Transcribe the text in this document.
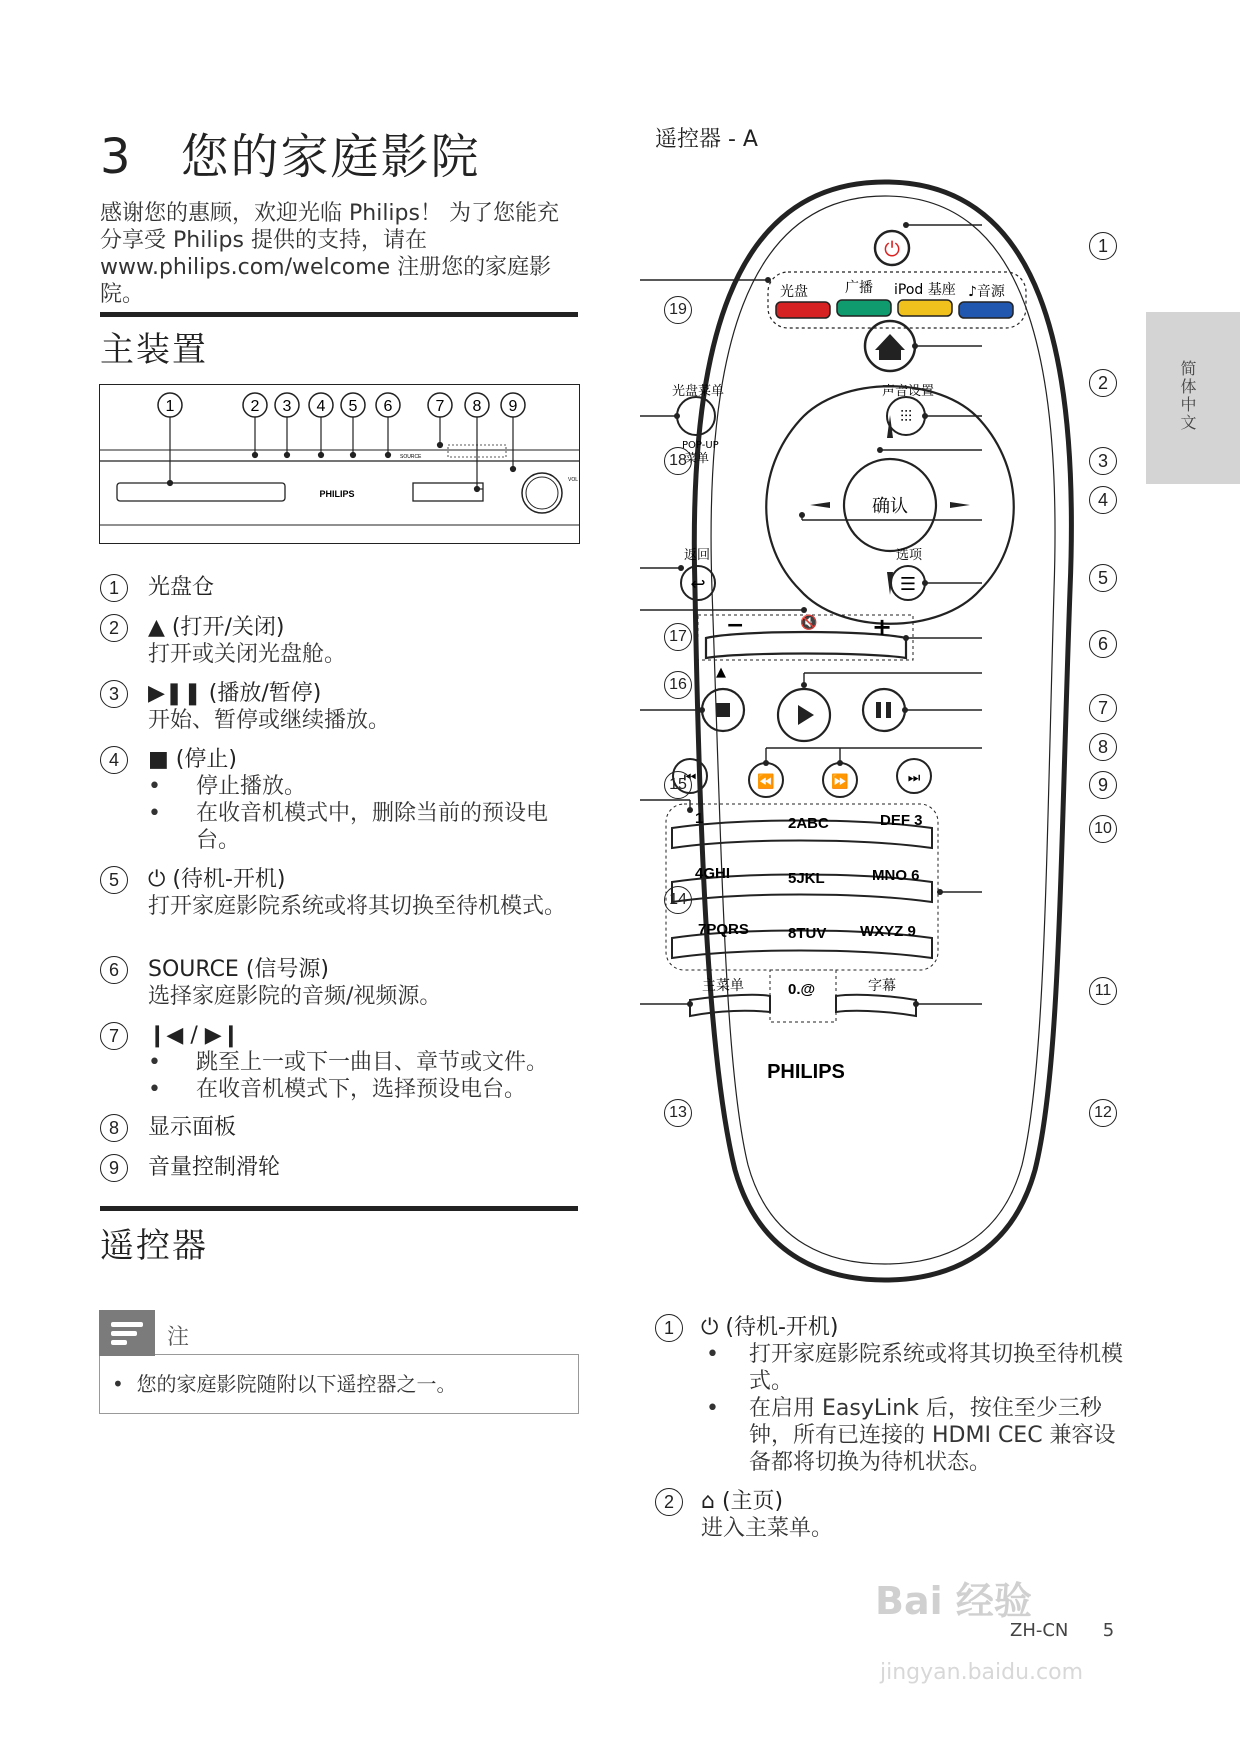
3 您的家庭影院
感谢您的惠顾，欢迎光临 Philips！ 为了您能充分享受 Philips 提供的支持，请在 www.philips.com/welcome 注册您的家庭影院。
主装置
PHILIPS
SOURCE
VOL
1	2 3 4 5 6	7 8 9
1	光盘仓
2	▲ (打开/关闭)
打开或关闭光盘舱。
3	▶❚❚ (播放/暂停)
开始、暂停或继续播放。
4	■ (停止)
• 停止播放。
• 在收音机模式中，删除当前的预设电台。
5	⏻ (待机-开机)
打开家庭影院系统或将其切换至待机模式。
6	SOURCE (信号源)
选择家庭影院的音频/视频源。
7	❙◀ / ▶❙
• 跳至上一或下一曲目、章节或文件。
• 在收音机模式下，选择预设电台。
8	显示面板
9	音量控制滑轮
遥控器
注
•  您的家庭影院随附以下遥控器之一。
遥控器 - A
简体中文
⏻
光盘	广播 iPod 基座 ♪音源
光盘菜单	声音设置
POP-UP
菜单
⫶⫶⫶
确认
返回
↩
选项
☰
−	+
🔇
▲
⏮	⏪	⏩	⏭
1	2ABC	DEF 3
4GHI	5JKL	MNO 6
7PQRS	8TUV WXYZ 9
0.@
主菜单	字幕
PHILIPS
1
2
3
4
5
6
7
8
9
10
11
12
13
14
15
16
17
18
19
1	⏻ (待机-开机)
• 打开家庭影院系统或将其切换至待机模式。
• 在启用 EasyLink 后，按住至少三秒钟，所有已连接的 HDMI CEC 兼容设备都将切换为待机状态。
2	⌂ (主页)
进入主菜单。
Bai 经验
jingyan.baidu.com
ZH-CN 5
